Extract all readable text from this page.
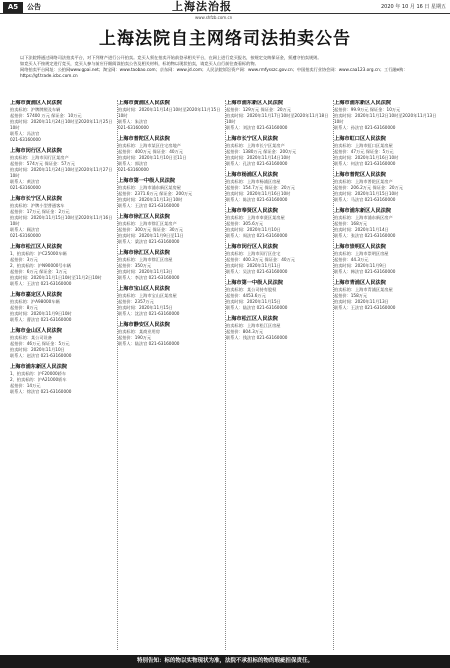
A5	公告	上海法治报	2020 年 10 月 16 日 星期五
www.shfzb.com.cn
上海法院自主网络司法拍卖公告

以下法院将通过网络司法拍卖平台，对下列财产进行公开拍卖。竞买人须在拍卖开始前登录相关平台，在网上进行竞买报名，按规定交纳保证金，须遵守拍卖规则。

如竞买人不按规定进行竞买，竞买人参与前应仔细阅读拍卖公告及相关材料，标的物以现状拍卖，请竞买人自行前往查看标的物。

网络拍卖平台网址：公拍网www.gpai.net；淘宝网：www.taobao.com；京东网：www.jd.com；人民法院诉讼资产网：www.rmfysszc.gov.cn；中国拍卖行业协会网：www.caa123.org.cn；工行融e购：https://gf.trade.icbc.com.cn

上海市黄浦区人民法院
拍卖标的：沪牌牌照及车辆
起拍价：57400 万元 保证金：10万元
拍卖时间：2020年11月24日10时至2020年11月25日10时
联系人：冯法官
021-63160000
上海市闵行区人民法院
拍卖标的：上海市闵行区某房产
起拍价：574万元 保证金：57万元
拍卖时间：2020年11月24日10时至2020年11月27日10时
联系人：黄法官
021-63160000
上海市长宁区人民法院
拍卖标的：沪牌小型普通客车
起拍价：17万元 保证金：2万元
拍卖时间：2020年11月15日10时至2020年11月16日10时
联系人：顾法官
021-63160000
上海市松江区人民法院
1、拍卖标的：沪C25000车辆
起拍价：3万元
2、拍卖标的：沪N90000号车辆
起拍价：6万元 保证金：1万元
拍卖时间：2020年11月1日10时至11月2日10时
联系人：王法官 021-63160000
上海市嘉定区人民法院
拍卖标的：沪A98000车辆
起拍价：8万元
拍卖时间：2020年11月9日10时
联系人：曹法官 021-63160000
上海市金山区人民法院
拍卖标的：某公司设备
起拍价：46万元 保证金：5万元
拍卖时间：2020年11月10日
联系人：赵法官 021-63160000
上海市浦东新区人民法院
1、拍卖标的：沪F20000轿车
2、拍卖标的：沪A21000轿车
起拍价：14万元
联系人：徐法官 021-63160000
上海市黄浦区人民法院
拍卖时间：2020年11月14日10时至2020年11月15日10时
联系人：朱法官
021-63160000
上海市普陀区人民法院
拍卖标的：上海市某区住宅房地产
起拍价：400万元 保证金：40万元
拍卖时间：2020年11月10日至11日
联系人：郭法官
021-63160000
上海市第一中级人民法院
拍卖标的：上海市浦东新区某房屋
起拍价：2371.6万元 保证金：200万元
拍卖时间：2020年11月13日10时
联系人：王法官 021-63160000
上海市徐汇区人民法院
拍卖标的：上海市徐汇区某房产
起拍价：300万元 保证金：30万元
拍卖时间：2020年11月9日至11日
联系人：梁法官 021-63160000
上海市徐汇区人民法院
拍卖标的：上海市徐汇区房屋
起拍价：350万元
拍卖时间：2020年11月13日
联系人：李法官 021-63160000
上海市宝山区人民法院
拍卖标的：上海市宝山区某房屋
起拍价：2357万元
拍卖时间：2020年11月15日
联系人：沈法官 021-63160000
上海市静安区人民法院
拍卖标的：某商业用房
起拍价：190万元
联系人：陆法官 021-63160000
上海市浦东新区人民法院
起拍价：129万元 保证金：20万元
拍卖时间：2020年11月17日10时至2020年11月18日10时
联系人：刘法官 021-63160000
上海市长宁区人民法院
拍卖标的：上海市长宁区某房产
起拍价：1380万元 保证金：200万元
拍卖时间：2020年11月14日10时
联系人：孔法官 021-63160000
上海市杨浦区人民法院
拍卖标的：上海市杨浦区房屋
起拍价：154.7万元 保证金：20万元
拍卖时间：2020年11月16日10时
联系人：陈法官 021-63160000
上海市奉贤区人民法院
拍卖标的：上海市奉贤区某房屋
起拍价：305.6万元
拍卖时间：2020年11月10日
联系人：周法官 021-63160000
上海市闵行区人民法院
拍卖标的：上海市闵行区住宅
起拍价：400.3万元 保证金：40万元
拍卖时间：2020年11月11日
联系人：吴法官 021-63160000
上海市第一中级人民法院
拍卖标的：某公司持有股权
起拍价：4453.6万元
拍卖时间：2020年11月15日
联系人：陆法官 021-63160000
上海市松江区人民法院
拍卖标的：上海市松江区房屋
起拍价：804.3万元
联系人：钱法官 021-63160000
上海市浦东新区人民法院
起拍价：99.9万元 保证金：10万元
拍卖时间：2020年11月12日10时至2020年11月13日10时
联系人：孙法官 021-63160000
上海市虹口区人民法院
拍卖标的：上海市虹口区某房屋
起拍价：47万元 保证金：5万元
拍卖时间：2020年11月16日10时
联系人：何法官 021-63160000
上海市普陀区人民法院
拍卖标的：上海市普陀区某房产
起拍价：206.2万元 保证金：20万元
拍卖时间：2020年11月15日10时
联系人：马法官 021-63160000
上海市浦东新区人民法院
拍卖标的：上海市浦东新区房产
起拍价：168万元
拍卖时间：2020年11月14日
联系人：张法官 021-63160000
上海市崇明区人民法院
拍卖标的：上海市崇明区房屋
起拍价：44.3万元
拍卖时间：2020年11月9日
联系人：韩法官 021-63160000
上海市青浦区人民法院
拍卖标的：上海市青浦区某房屋
起拍价：158万元
拍卖时间：2020年11月13日
联系人：王法官 021-63160000
特别告知：标的物以实物现状为准，法院不承担标的物的瑕疵担保责任。
